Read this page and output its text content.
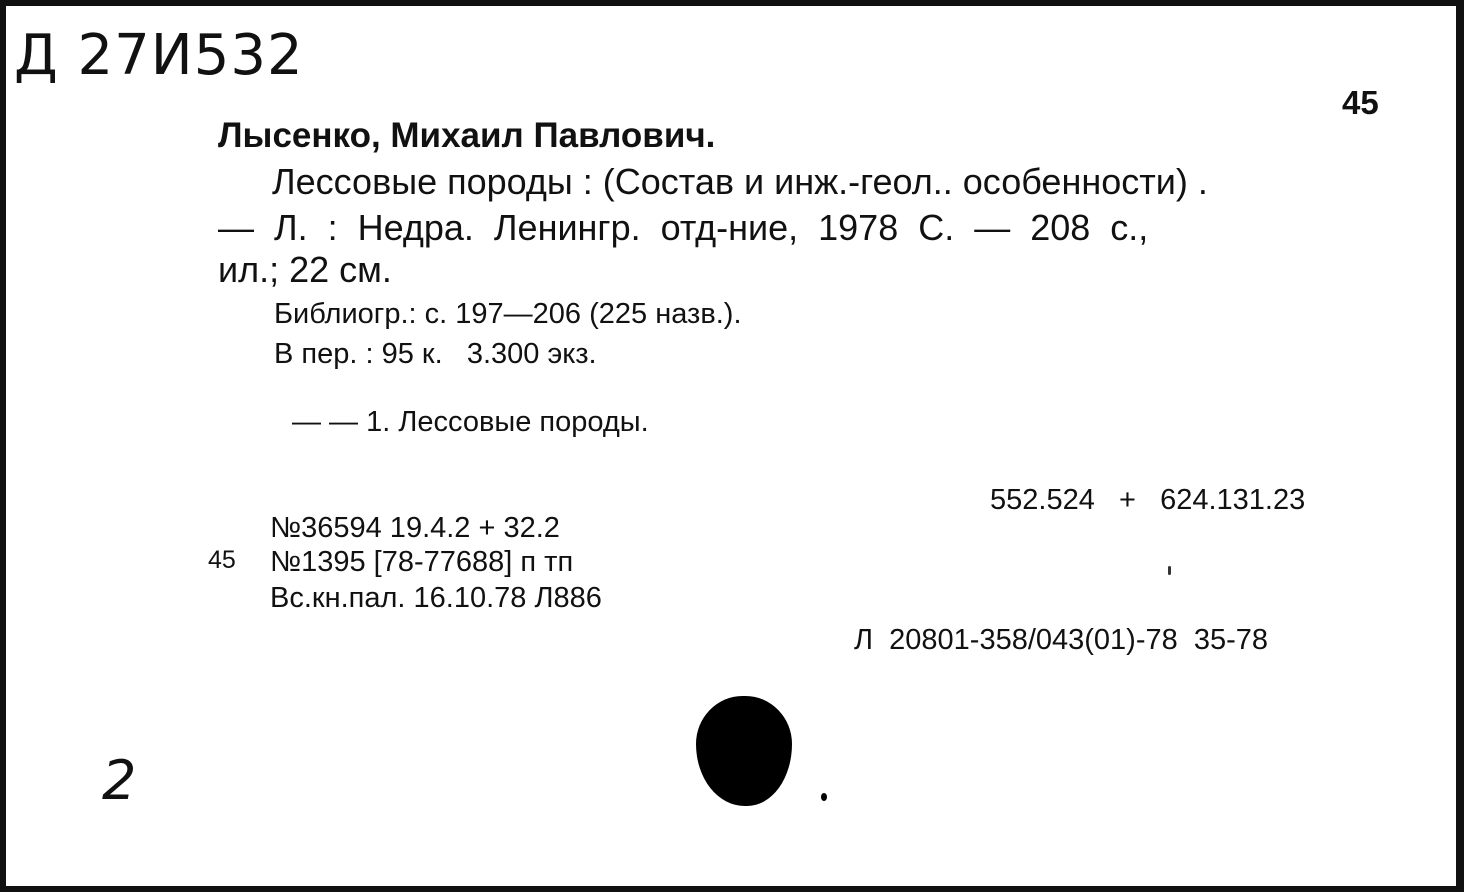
Д 27И532
45
Лысенко, Михаил Павлович.
Лессовые породы : (Состав и инж.-геол.. особенности) .
— Л. : Недра. Ленингр. отд-ние, 1978 С. — 208 с.,
ил.; 22 см.
Библиогр.: с. 197—206 (225 назв.).
В пер. : 95 к.   3.300 экз.
— — 1. Лессовые породы.
552.524   +   624.131.23
№36594 19.4.2 + 32.2
45 №1395 [78-77688] п тп
Вс.кн.пал. 16.10.78 Л886
Л  20801-358/043(01)-78  35-78
2
